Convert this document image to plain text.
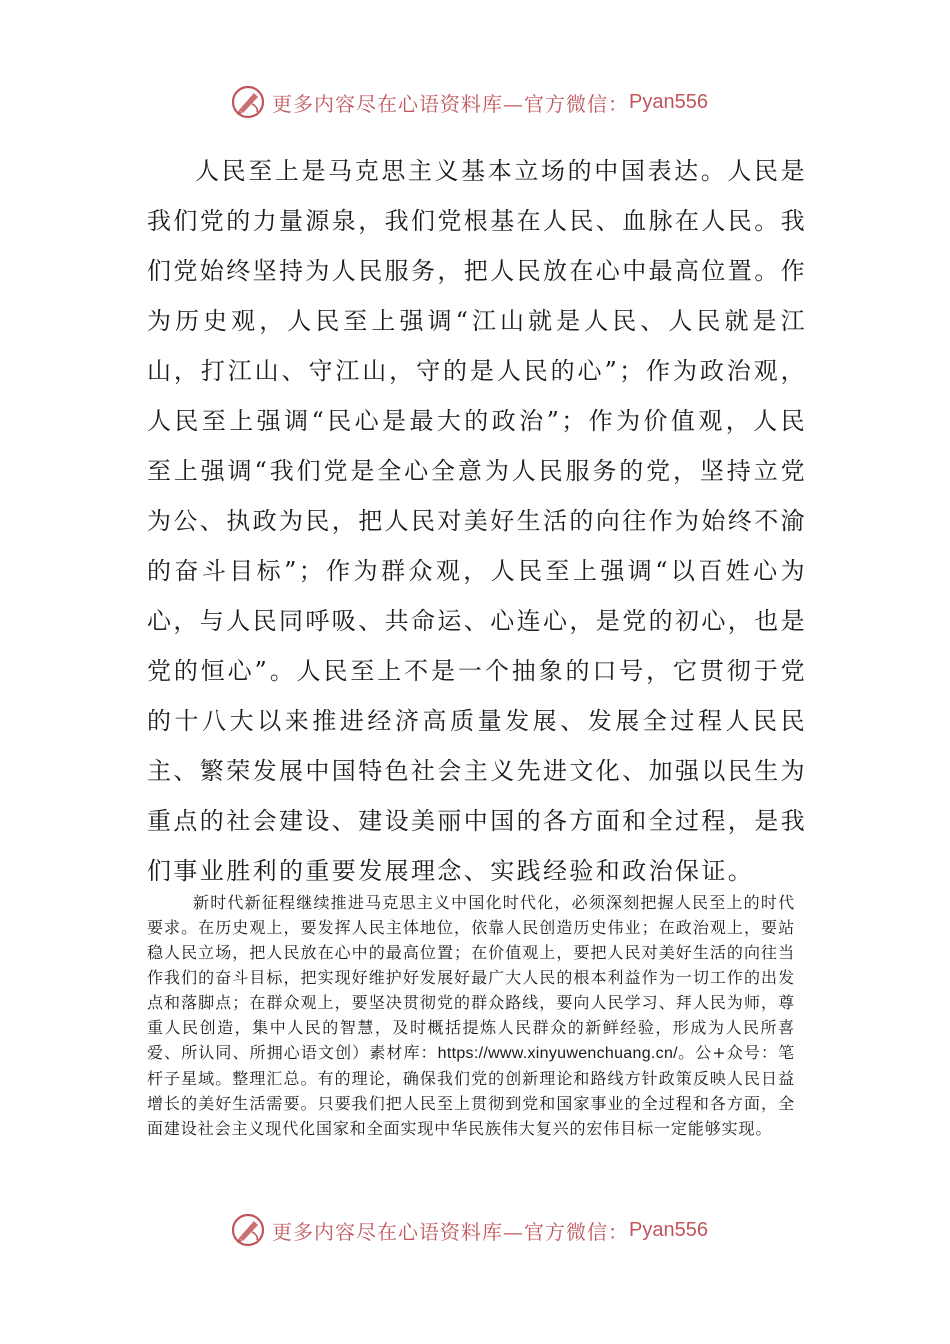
更多内容尽在心语资料库—官方微信： Pyan556

人民至上是马克思主义基本立场的中国表达。人民是我们党的力量源泉，我们党根基在人民、血脉在人民。我们党始终坚持为人民服务，把人民放在心中最高位置。作为历史观，人民至上强调“江山就是人民、人民就是江山，打江山、守江山，守的是人民的心”；作为政治观，人民至上强调“民心是最大的政治”；作为价值观，人民至上强调“我们党是全心全意为人民服务的党，坚持立党为公、执政为民，把人民对美好生活的向往作为始终不渝的奋斗目标”；作为群众观，人民至上强调“以百姓心为心，与人民同呼吸、共命运、心连心，是党的初心，也是党的恒心”。人民至上不是一个抽象的口号，它贯彻于党的十八大以来推进经济高质量发展、发展全过程人民民主、繁荣发展中国特色社会主义先进文化、加强以民生为重点的社会建设、建设美丽中国的各方面和全过程，是我们事业胜利的重要发展理念、实践经验和政治保证。

新时代新征程继续推进马克思主义中国化时代化，必须深刻把握人民至上的时代要求。在历史观上，要发挥人民主体地位，依靠人民创造历史伟业；在政治观上，要站稳人民立场，把人民放在心中的最高位置；在价值观上，要把人民对美好生活的向往当作我们的奋斗目标，把实现好维护好发展好最广大人民的根本利益作为一切工作的出发点和落脚点；在群众观上，要坚决贯彻党的群众路线，要向人民学习、拜人民为师，尊重人民创造，集中人民的智慧，及时概括提炼人民群众的新鲜经验，形成为人民所喜爱、所认同、所拥心语文创）素材库：https://www.xinyuwenchuang.cn/。公+众号：笔杆子星域。整理汇总。有的理论，确保我们党的创新理论和路线方针政策反映人民日益增长的美好生活需要。只要我们把人民至上贯彻到党和国家事业的全过程和各方面，全面建设社会主义现代化国家和全面实现中华民族伟大复兴的宏伟目标一定能够实现。

更多内容尽在心语资料库—官方微信： Pyan556
